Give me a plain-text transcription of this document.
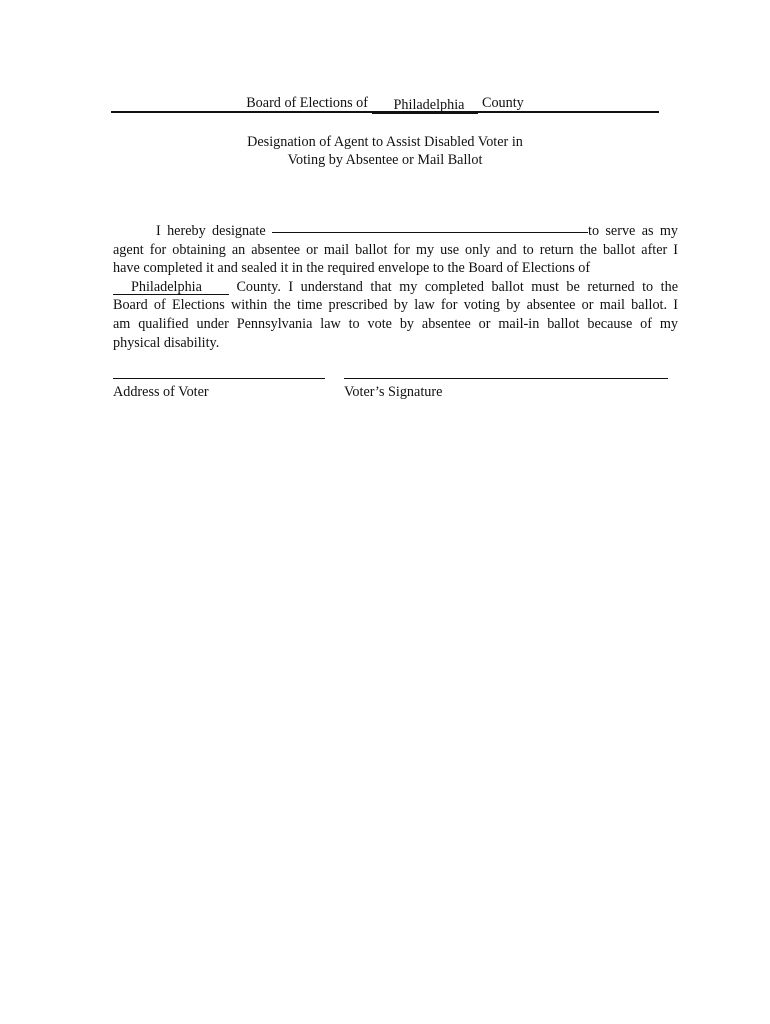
Board of Elections of Philadelphia County
Designation of Agent to Assist Disabled Voter in
Voting by Absentee or Mail Ballot
I hereby designate	to serve as my
agent for obtaining an absentee or mail ballot for my use only and to return the ballot after I
have completed it and sealed it in the required envelope to the Board of Elections of
Philadelphia County. I understand that my completed ballot must be returned to the
Board of Elections within the time prescribed by law for voting by absentee or mail ballot. I
am qualified under Pennsylvania law to vote by absentee or mail-in ballot because of my
physical disability.
Address of Voter	Voter’s Signature
